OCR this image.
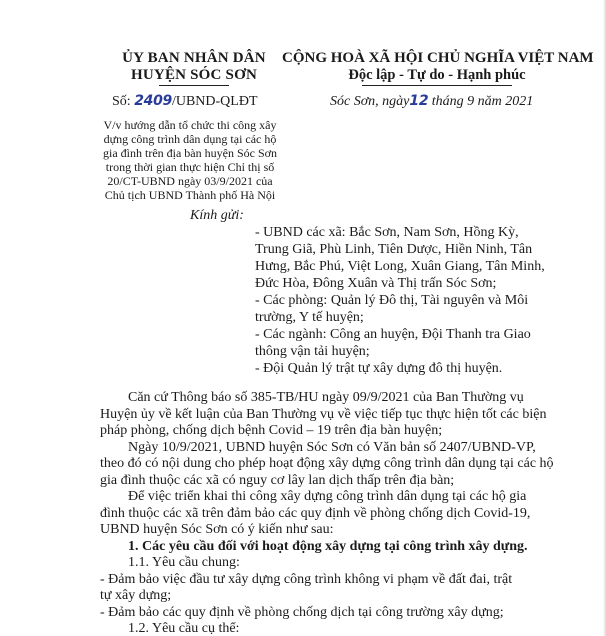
ỦY BAN NHÂN DÂN
HUYỆN SÓC SƠN
CỘNG HOÀ XÃ HỘI CHỦ NGHĨA VIỆT NAM
Độc lập - Tự do - Hạnh phúc
Số: 2409/UBND-QLĐT	Sóc Sơn, ngày12 tháng 9 năm 2021
V/v hướng dẫn tổ chức thi công xây
dựng công trình dân dụng tại các hộ
gia đình trên địa bàn huyện Sóc Sơn
trong thời gian thực hiện Chỉ thị số
20/CT-UBND ngày 03/9/2021 của
Chủ tịch UBND Thành phố Hà Nội
Kính gửi:
- UBND các xã: Bắc Sơn, Nam Sơn, Hồng Kỳ,
Trung Giã, Phù Linh, Tiên Dược, Hiền Ninh, Tân
Hưng, Bắc Phú, Việt Long, Xuân Giang, Tân Minh,
Đức Hòa, Đông Xuân và Thị trấn Sóc Sơn;
- Các phòng: Quản lý Đô thị, Tài nguyên và Môi
trường, Y tế huyện;
- Các ngành: Công an huyện, Đội Thanh tra Giao
thông vận tải huyện;
- Đội Quản lý trật tự xây dựng đô thị huyện.
Căn cứ Thông báo số 385-TB/HU ngày 09/9/2021 của Ban Thường vụ
Huyện ủy về kết luận của Ban Thường vụ về việc tiếp tục thực hiện tốt các biện
pháp phòng, chống dịch bệnh Covid – 19 trên địa bàn huyện;
Ngày 10/9/2021, UBND huyện Sóc Sơn có Văn bản số 2407/UBND-VP,
theo đó có nội dung cho phép hoạt động xây dựng công trình dân dụng tại các hộ
gia đình thuộc các xã có nguy cơ lây lan dịch thấp trên địa bàn;
Để việc triển khai thi công xây dựng công trình dân dụng tại các hộ gia
đình thuộc các xã trên đảm bảo các quy định về phòng chống dịch Covid-19,
UBND huyện Sóc Sơn có ý kiến như sau:
1. Các yêu cầu đối với hoạt động xây dựng tại công trình xây dựng.
1.1. Yêu cầu chung:
- Đảm bảo việc đầu tư xây dựng công trình không vi phạm về đất đai, trật
tự xây dựng;
- Đảm bảo các quy định về phòng chống dịch tại công trường xây dựng;
1.2. Yêu cầu cụ thể:
